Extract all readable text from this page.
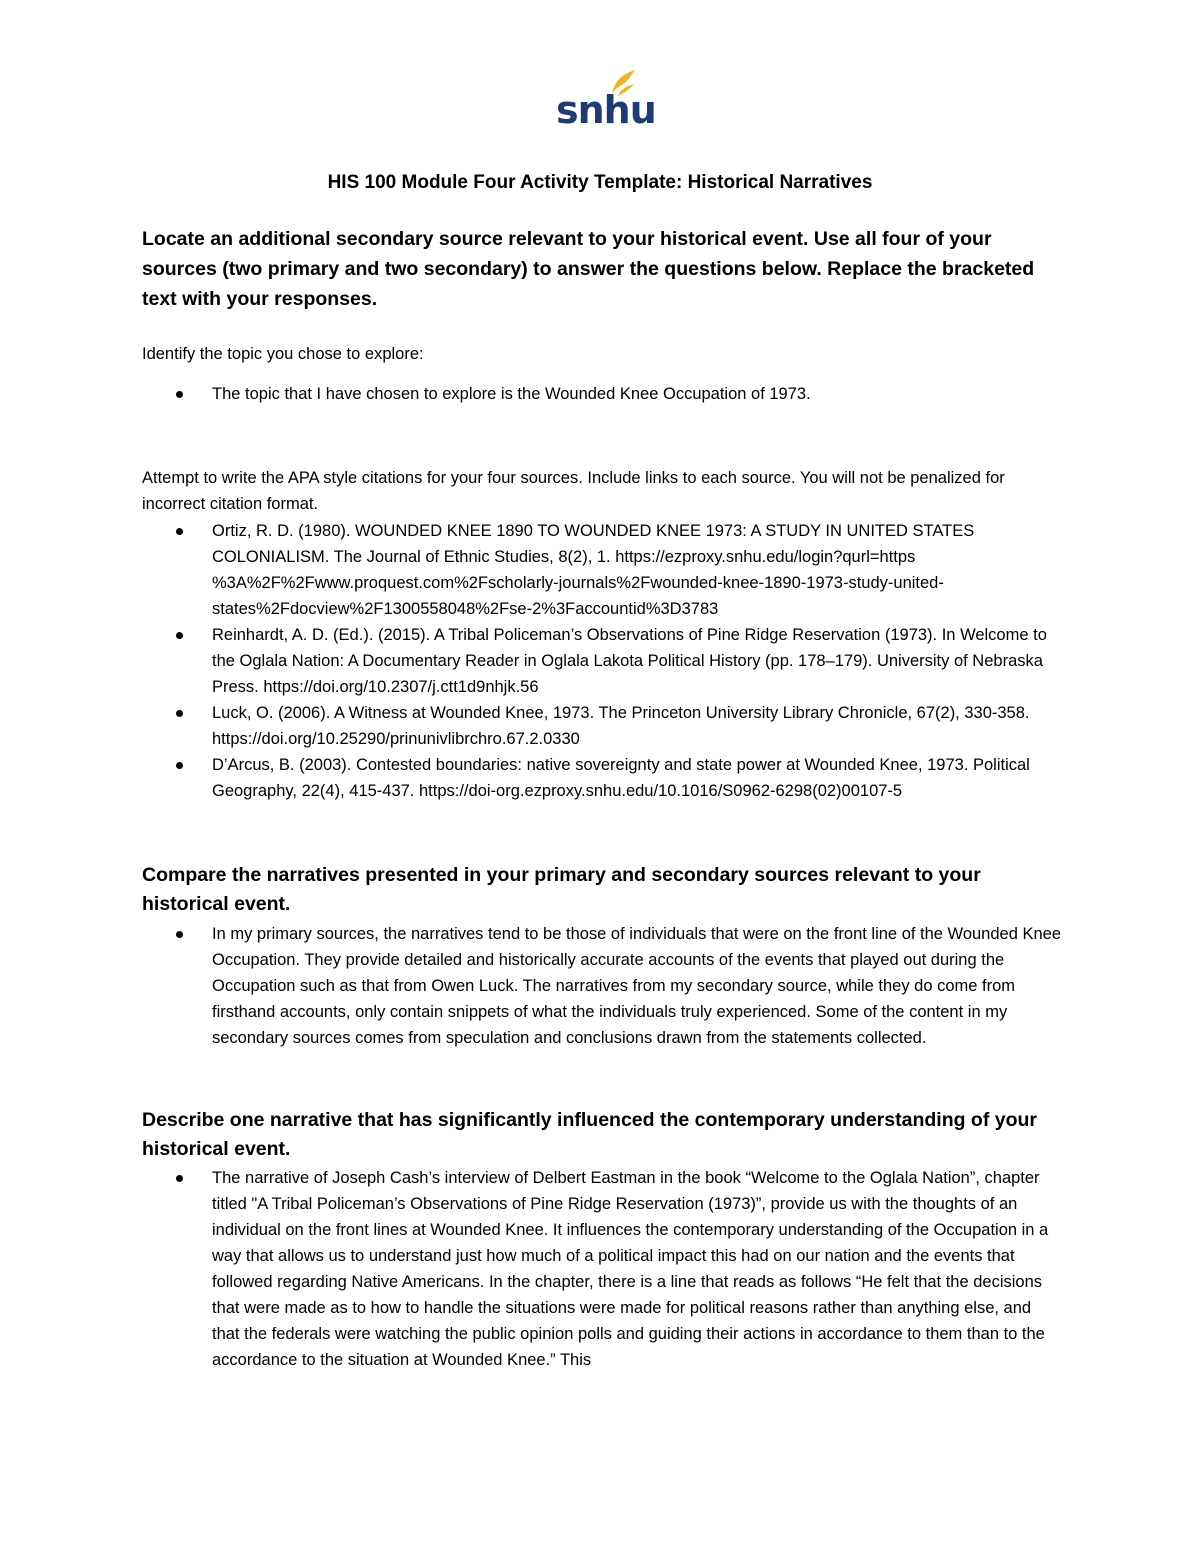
snhu
HIS 100 Module Four Activity Template: Historical Narratives
Locate an additional secondary source relevant to your historical event. Use all four of your sources (two primary and two secondary) to answer the questions below. Replace the bracketed text with your responses.
Identify the topic you chose to explore:
The topic that I have chosen to explore is the Wounded Knee Occupation of 1973.
Attempt to write the APA style citations for your four sources. Include links to each source. You will not be penalized for incorrect citation format.
Ortiz, R. D. (1980). WOUNDED KNEE 1890 TO WOUNDED KNEE 1973: A STUDY IN UNITED STATES COLONIALISM. The Journal of Ethnic Studies, 8(2), 1. https://ezproxy.snhu.edu/login?qurl=https %3A%2F%2Fwww.proquest.com%2Fscholarly-journals%2Fwounded-knee-1890-1973-study-united-states%2Fdocview%2F1300558048%2Fse-2%3Faccountid%3D3783
Reinhardt, A. D. (Ed.). (2015). A Tribal Policeman’s Observations of Pine Ridge Reservation (1973). In Welcome to the Oglala Nation: A Documentary Reader in Oglala Lakota Political History (pp. 178–179). University of Nebraska Press. https://doi.org/10.2307/j.ctt1d9nhjk.56
Luck, O. (2006). A Witness at Wounded Knee, 1973. The Princeton University Library Chronicle, 67(2), 330-358. https://doi.org/10.25290/prinunivlibrchro.67.2.0330
D’Arcus, B. (2003). Contested boundaries: native sovereignty and state power at Wounded Knee, 1973. Political Geography, 22(4), 415-437. https://doi-org.ezproxy.snhu.edu/10.1016/S0962-6298(02)00107-5
Compare the narratives presented in your primary and secondary sources relevant to your historical event.
In my primary sources, the narratives tend to be those of individuals that were on the front line of the Wounded Knee Occupation. They provide detailed and historically accurate accounts of the events that played out during the Occupation such as that from Owen Luck. The narratives from my secondary source, while they do come from firsthand accounts, only contain snippets of what the individuals truly experienced. Some of the content in my secondary sources comes from speculation and conclusions drawn from the statements collected.
Describe one narrative that has significantly influenced the contemporary understanding of your historical event.
The narrative of Joseph Cash’s interview of Delbert Eastman in the book “Welcome to the Oglala Nation”, chapter titled "A Tribal Policeman’s Observations of Pine Ridge Reservation (1973)”, provide us with the thoughts of an individual on the front lines at Wounded Knee. It influences the contemporary understanding of the Occupation in a way that allows us to understand just how much of a political impact this had on our nation and the events that followed regarding Native Americans. In the chapter, there is a line that reads as follows “He felt that the decisions that were made as to how to handle the situations were made for political reasons rather than anything else, and that the federals were watching the public opinion polls and guiding their actions in accordance to them than to the accordance to the situation at Wounded Knee.” This
